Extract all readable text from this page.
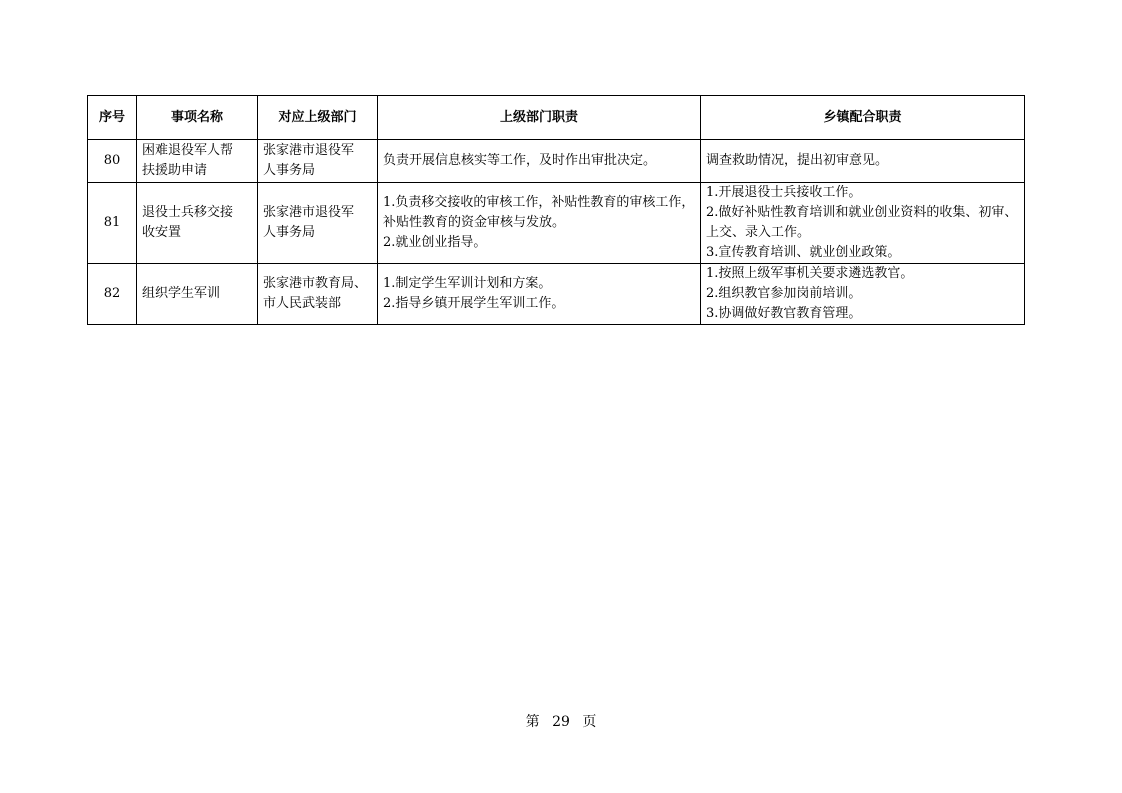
序号	事项名称	对应上级部门	上级部门职责	乡镇配合职责
80	困难退役军人帮
扶援助申请	张家港市退役军
人事务局	负责开展信息核实等工作，及时作出审批决定。	调查救助情况，提出初审意见。

81	退役士兵移交接
收安置	张家港市退役军
人事务局	1.负责移交接收的审核工作，补贴性教育的审核工作，补贴性教育的资金审核与发放。
2.就业创业指导。	1.开展退役士兵接收工作。
2.做好补贴性教育培训和就业创业资料的收集、初审、上交、录入工作。
3.宣传教育培训、就业创业政策。

82	组织学生军训	张家港市教育局、
市人民武装部	1.制定学生军训计划和方案。
2.指导乡镇开展学生军训工作。	1.按照上级军事机关要求遴选教官。
2.组织教官参加岗前培训。
3.协调做好教官教育管理。
第 29 页
